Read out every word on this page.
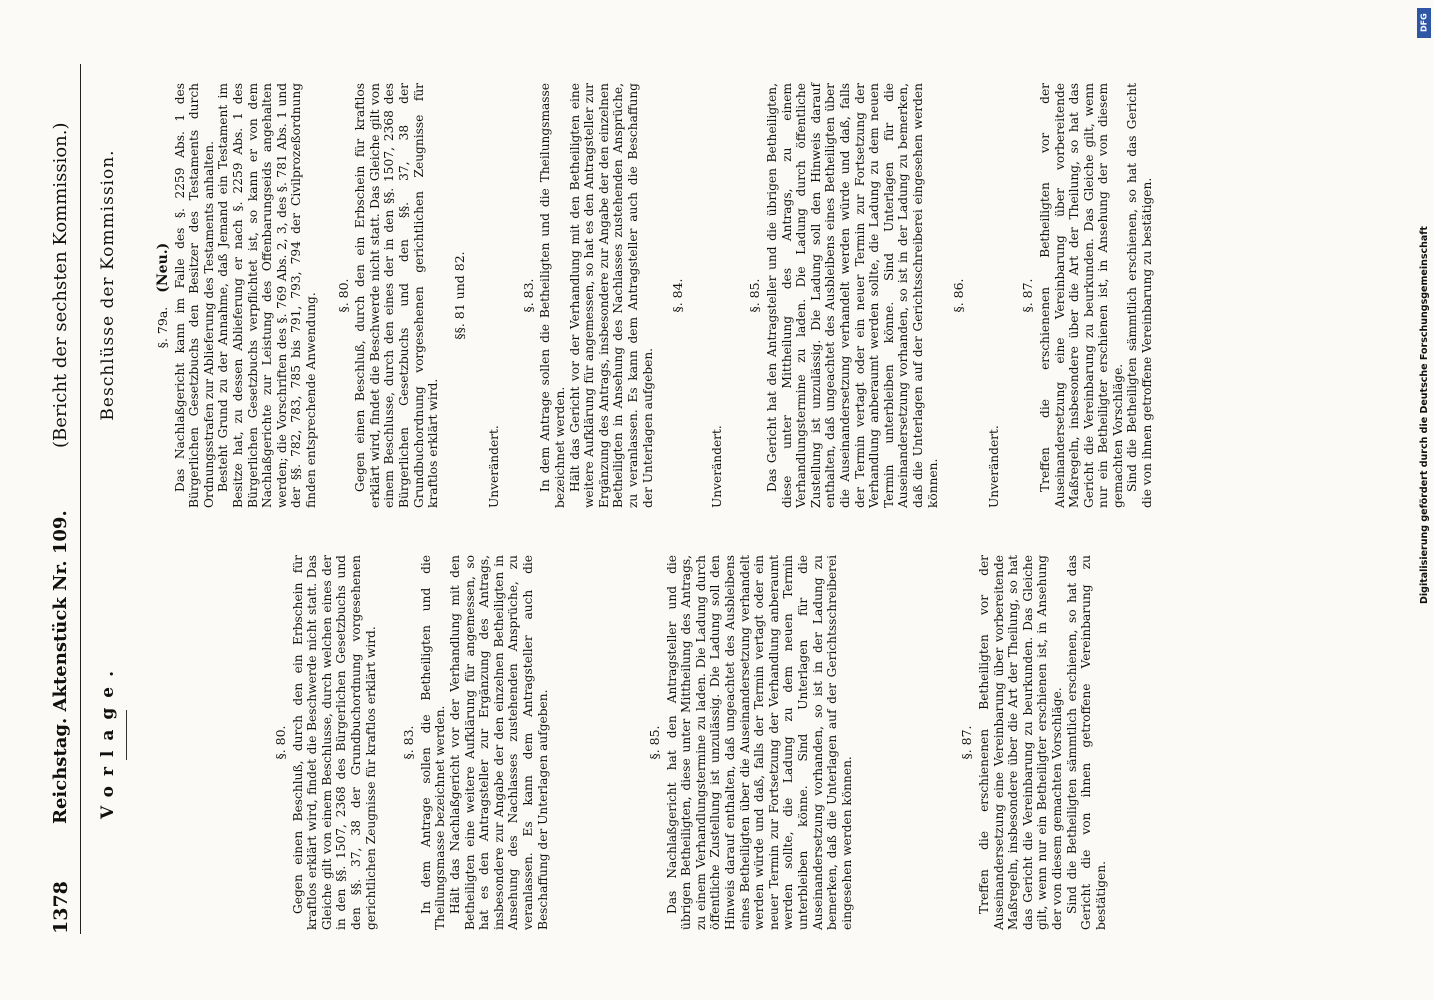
1378
Reichstag. Aktenstück Nr. 109.
(Bericht der sechsten Kommission.)
Vorlage.
Beschlüsse der Kommission.
§. 80. Gegen einen Beschluß, durch den ein Erbschein für kraftlos erklärt wird, findet die Beschwerde nicht statt. Das Gleiche gilt von einem Beschlusse, durch welchen eines der in den §§. 1507, 2368 des Bürgerlichen Gesetzbuchs und den §§. 37, 38 der Grundbuchordnung vorgesehenen gerichtlichen Zeugnisse für kraftlos erklärt wird. §. 83. In dem Antrage sollen die Betheiligten und die Theilungsmasse bezeichnet werden. Hält das Nachlaßgericht vor der Verhandlung mit den Betheiligten eine weitere Aufklärung für angemessen, so hat es den Antragsteller zur Ergänzung des Antrags, insbesondere zur Angabe der den einzelnen Betheiligten in Ansehung des Nachlasses zustehenden Ansprüche, zu veranlassen. Es kann dem Antragsteller auch die Beschaffung der Unterlagen aufgeben.	§. 85. Das Nachlaßgericht hat den Antragsteller und die übrigen Betheiligten, diese unter Mittheilung des Antrags, zu einem Verhandlungstermine zu laden. Die Ladung durch öffentliche Zustellung ist unzulässig. Die Ladung soll den Hinweis darauf enthalten, daß ungeachtet des Ausbleibens eines Betheiligten über die Auseinandersetzung verhandelt werden würde und daß, falls der Termin vertagt oder ein neuer Termin zur Fortsetzung der Verhandlung anberaumt werden sollte, die Ladung zu dem neuen Termin unterbleiben könne. Sind Unterlagen für die Auseinandersetzung vorhanden, so ist in der Ladung zu bemerken, daß die Unterlagen auf der Gerichtsschreiberei eingesehen werden können.

§. 87. Treffen die erschienenen Betheiligten vor der Auseinandersetzung eine Vereinbarung über vorbereitende Maßregeln, insbesondere über die Art der Theilung, so hat das Gericht die Vereinbarung zu beurkunden. Das Gleiche gilt, wenn nur ein Betheiligter erschienen ist, in Ansehung der von diesem gemachten Vorschläge. Sind die Betheiligten sämmtlich erschienen, so hat das Gericht die von ihnen getroffene Vereinbarung zu bestätigen.

§. 79a.(Neu.) Das Nachlaßgericht kann im Falle des §. 2259 Abs. 1 des Bürgerlichen Gesetzbuchs den Besitzer des Testaments durch Ordnungsstrafen zur Ablieferung des Testaments anhalten. Besteht Grund zu der Annahme, daß Jemand ein Testament im Besitze hat, zu dessen Ablieferung er nach §. 2259 Abs. 1 des Bürgerlichen Gesetzbuchs verpflichtet ist, so kann er von dem Nachlaßgerichte zur Leistung des Offenbarungseids angehalten werden; die Vorschriften des §. 769 Abs. 2, 3, des §. 781 Abs. 1 und der §§. 782, 783, 785 bis 791, 793, 794 der Civilprozeßordnung finden entsprechende Anwendung. §. 80. Gegen einen Beschluß, durch den ein Erbschein für kraftlos erklärt wird, findet die Beschwerde nicht statt. Das Gleiche gilt von einem Beschlusse, durch den eines der in den §§. 1507, 2368 des Bürgerlichen Gesetzbuchs und den §§. 37, 38 der Grundbuchordnung vorgesehenen gerichtlichen Zeugnisse für kraftlos erklärt wird.

§§. 81 und 82.

Unverändert.

§. 83. In dem Antrage sollen die Betheiligten und die Theilungsmasse bezeichnet werden. Hält das Gericht vor der Verhandlung mit den Betheiligten eine weitere Aufklärung für angemessen, so hat es den Antragsteller zur Ergänzung des Antrags, insbesondere zur Angabe der den einzelnen Betheiligten in Ansehung des Nachlasses zustehenden Ansprüche, zu veranlassen. Es kann dem Antragsteller auch die Beschaffung der Unterlagen aufgeben.

§. 84.

Unverändert.

§. 85. Das Gericht hat den Antragsteller und die übrigen Betheiligten, diese unter Mittheilung des Antrags, zu einem Verhandlungstermine zu laden. Die Ladung durch öffentliche Zustellung ist unzulässig. Die Ladung soll den Hinweis darauf enthalten, daß ungeachtet des Ausbleibens eines Betheiligten über die Auseinandersetzung verhandelt werden würde und daß, falls der Termin vertagt oder ein neuer Termin zur Fortsetzung der Verhandlung anberaumt werden sollte, die Ladung zu dem neuen Termin unterbleiben könne. Sind Unterlagen für die Auseinandersetzung vorhanden, so ist in der Ladung zu bemerken, daß die Unterlagen auf der Gerichtsschreiberei eingesehen werden können.

§. 86.

Unverändert.

§. 87. Treffen die erschienenen Betheiligten vor der Auseinandersetzung eine Vereinbarung über vorbereitende Maßregeln, insbesondere über die Art der Theilung, so hat das Gericht die Vereinbarung zu beurkunden. Das Gleiche gilt, wenn nur ein Betheiligter erschienen ist, in Ansehung der von diesem gemachten Vorschläge. Sind die Betheiligten sämmtlich erschienen, so hat das Gericht die von ihnen getroffene Vereinbarung zu bestätigen.

DFG
Digitalisierung gefördert durch die Deutsche Forschungsgemeinschaft
